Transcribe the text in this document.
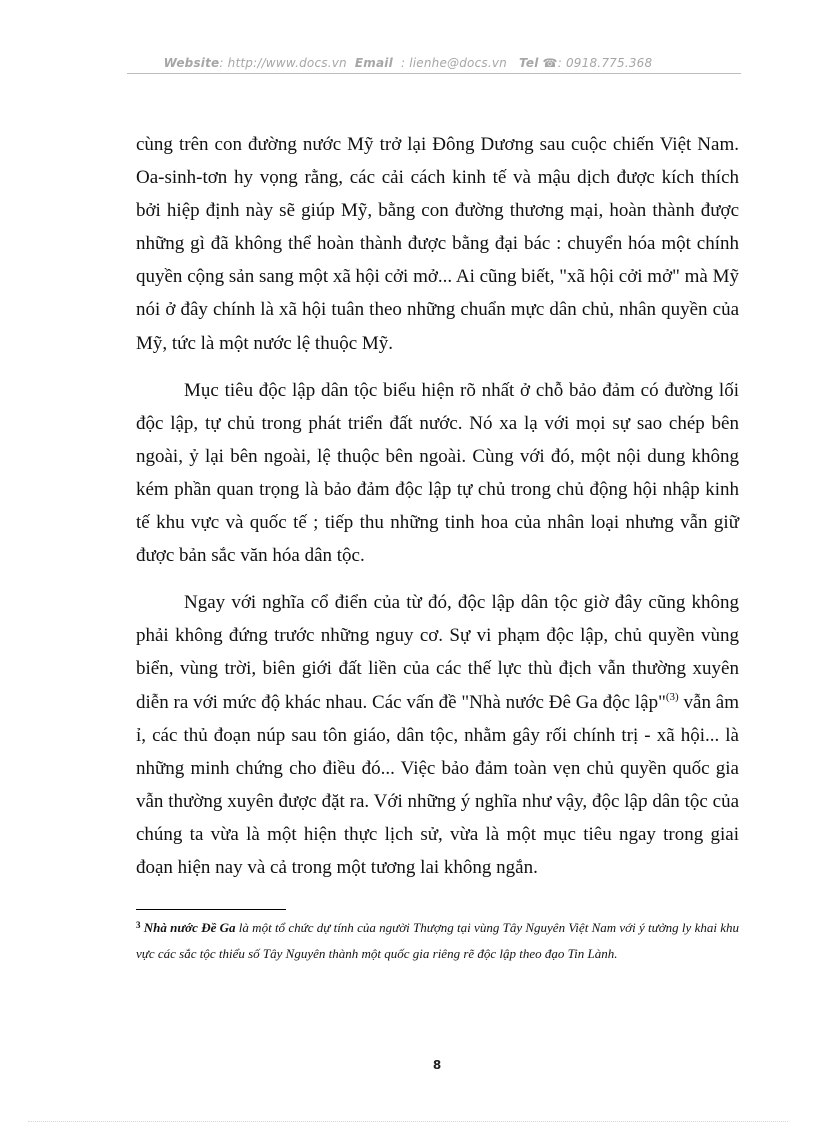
Website: http://www.docs.vn Email : lienhe@docs.vn Tel ☎: 0918.775.368

cùng trên con đường nước Mỹ trở lại Đông Dương sau cuộc chiến Việt Nam. Oa-sinh-tơn hy vọng rằng, các cải cách kinh tế và mậu dịch được kích thích bởi hiệp định này sẽ giúp Mỹ, bằng con đường thương mại, hoàn thành được những gì đã không thể hoàn thành được bằng đại bác : chuyển hóa một chính quyền cộng sản sang một xã hội cởi mở... Ai cũng biết, "xã hội cởi mở" mà Mỹ nói ở đây chính là xã hội tuân theo những chuẩn mực dân chủ, nhân quyền của Mỹ, tức là một nước lệ thuộc Mỹ.

Mục tiêu độc lập dân tộc biểu hiện rõ nhất ở chỗ bảo đảm có đường lối độc lập, tự chủ trong phát triển đất nước. Nó xa lạ với mọi sự sao chép bên ngoài, ỷ lại bên ngoài, lệ thuộc bên ngoài. Cùng với đó, một nội dung không kém phần quan trọng là bảo đảm độc lập tự chủ trong chủ động hội nhập kinh tế khu vực và quốc tế ; tiếp thu những tinh hoa của nhân loại nhưng vẫn giữ được bản sắc văn hóa dân tộc.

Ngay với nghĩa cổ điển của từ đó, độc lập dân tộc giờ đây cũng không phải không đứng trước những nguy cơ. Sự vi phạm độc lập, chủ quyền vùng biển, vùng trời, biên giới đất liền của các thế lực thù địch vẫn thường xuyên diễn ra với mức độ khác nhau. Các vấn đề "Nhà nước Đê Ga độc lập"$^{(3)}$ vẫn âm ỉ, các thủ đoạn núp sau tôn giáo, dân tộc, nhằm gây rối chính trị - xã hội... là những minh chứng cho điều đó... Việc bảo đảm toàn vẹn chủ quyền quốc gia vẫn thường xuyên được đặt ra. Với những ý nghĩa như vậy, độc lập dân tộc của chúng ta vừa là một hiện thực lịch sử, vừa là một mục tiêu ngay trong giai đoạn hiện nay và cả trong một tương lai không ngắn.

$^3$ Nhà nước Đề Ga là một tổ chức dự tính của người Thượng tại vùng Tây Nguyên Việt Nam với ý tưởng ly khai khu vực các sắc tộc thiểu số Tây Nguyên thành một quốc gia riêng rẽ độc lập theo đạo Tin Lành.
8
